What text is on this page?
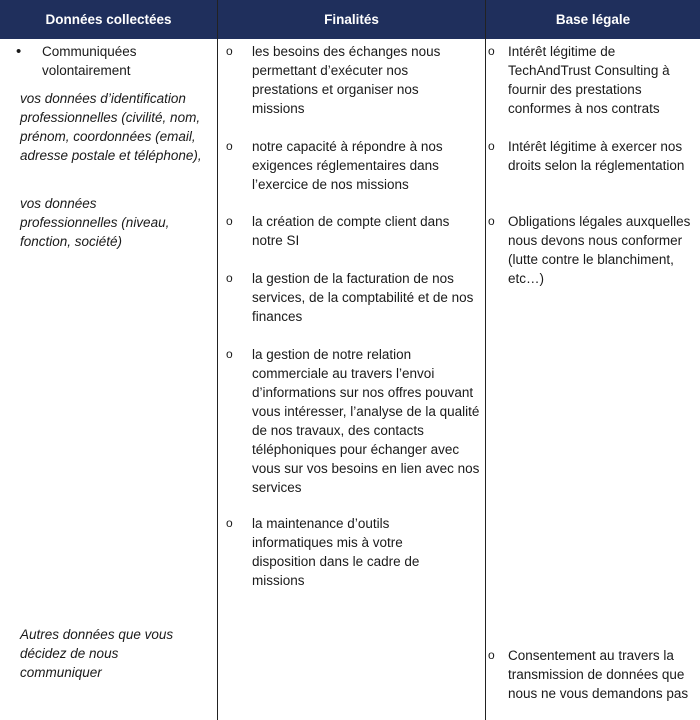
Données collectées	Finalités	Base légale
• Communiquées volontairement
vos données d’identification professionnelles (civilité, nom, prénom, coordonnées (email, adresse postale et téléphone),
vos données professionnelles (niveau, fonction, société)
Autres données que vous décidez de nous communiquer
o les besoins des échanges nous permettant d’exécuter nos prestations et organiser nos missions
o notre capacité à répondre à nos exigences réglementaires dans l’exercice de nos missions
o la création de compte client dans notre SI
o la gestion de la facturation de nos services, de la comptabilité et de nos finances
o la gestion de notre relation commerciale au travers l’envoi d’informations sur nos offres pouvant vous intéresser, l’analyse de la qualité de nos travaux, des contacts téléphoniques pour échanger avec vous sur vos besoins en lien avec nos services
o la maintenance d’outils informatiques mis à votre disposition dans le cadre de missions
o Intérêt légitime de TechAndTrust Consulting à fournir des prestations conformes à nos contrats
o Intérêt légitime à exercer nos droits selon la réglementation
o Obligations légales auxquelles nous devons nous conformer (lutte contre le blanchiment, etc…)
o Consentement au travers la transmission de données que nous ne vous demandons pas
